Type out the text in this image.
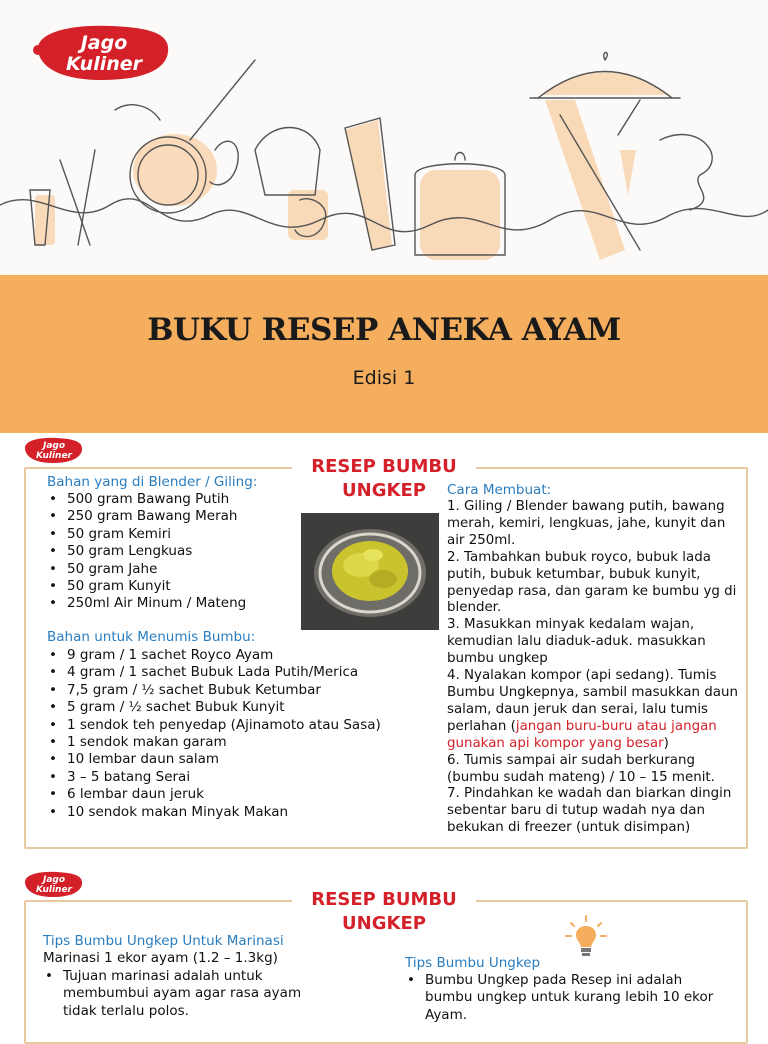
Jago
Kuliner
BUKU RESEP ANEKA AYAM
Edisi 1
Jago
Kuliner	RESEP BUMBU
UNGKEP
Bahan yang di Blender / Giling:
• 500 gram Bawang Putih
• 250 gram Bawang Merah
• 50 gram Kemiri
• 50 gram Lengkuas
• 50 gram Jahe
• 50 gram Kunyit
• 250ml Air Minum / Mateng
Bahan untuk Menumis Bumbu:
• 9 gram / 1 sachet Royco Ayam
• 4 gram / 1 sachet Bubuk Lada Putih/Merica
• 7,5 gram / ½ sachet Bubuk Ketumbar
• 5 gram / ½ sachet Bubuk Kunyit
• 1 sendok teh penyedap (Ajinamoto atau Sasa)
• 1 sendok makan garam
• 10 lembar daun salam
• 3 – 5 batang Serai
• 6 lembar daun jeruk
• 10 sendok makan Minyak Makan
Cara Membuat:

1. Giling / Blender bawang putih, bawang merah, kemiri, lengkuas, jahe, kunyit dan air 250ml.

2. Tambahkan bubuk royco, bubuk lada putih, bubuk ketumbar, bubuk kunyit, penyedap rasa, dan garam ke bumbu yg di blender.

3. Masukkan minyak kedalam wajan, kemudian lalu diaduk-aduk. masukkan bumbu ungkep

4. Nyalakan kompor (api sedang). Tumis Bumbu Ungkepnya, sambil masukkan daun salam, daun jeruk dan serai, lalu tumis perlahan (jangan buru-buru atau jangan gunakan api kompor yang besar)

6. Tumis sampai air sudah berkurang (bumbu sudah mateng) / 10 – 15 menit.

7. Pindahkan ke wadah dan biarkan dingin sebentar baru di tutup wadah nya dan bekukan di freezer (untuk disimpan)

Jago
Kuliner	RESEP BUMBU
UNGKEP
Tips Bumbu Ungkep Untuk Marinasi
Marinasi 1 ekor ayam (1.2 – 1.3kg)
• Tujuan marinasi adalah untuk membumbui ayam agar rasa ayam tidak terlalu polos.
Tips Bumbu Ungkep
• Bumbu Ungkep pada Resep ini adalah bumbu ungkep untuk kurang lebih 10 ekor Ayam.
